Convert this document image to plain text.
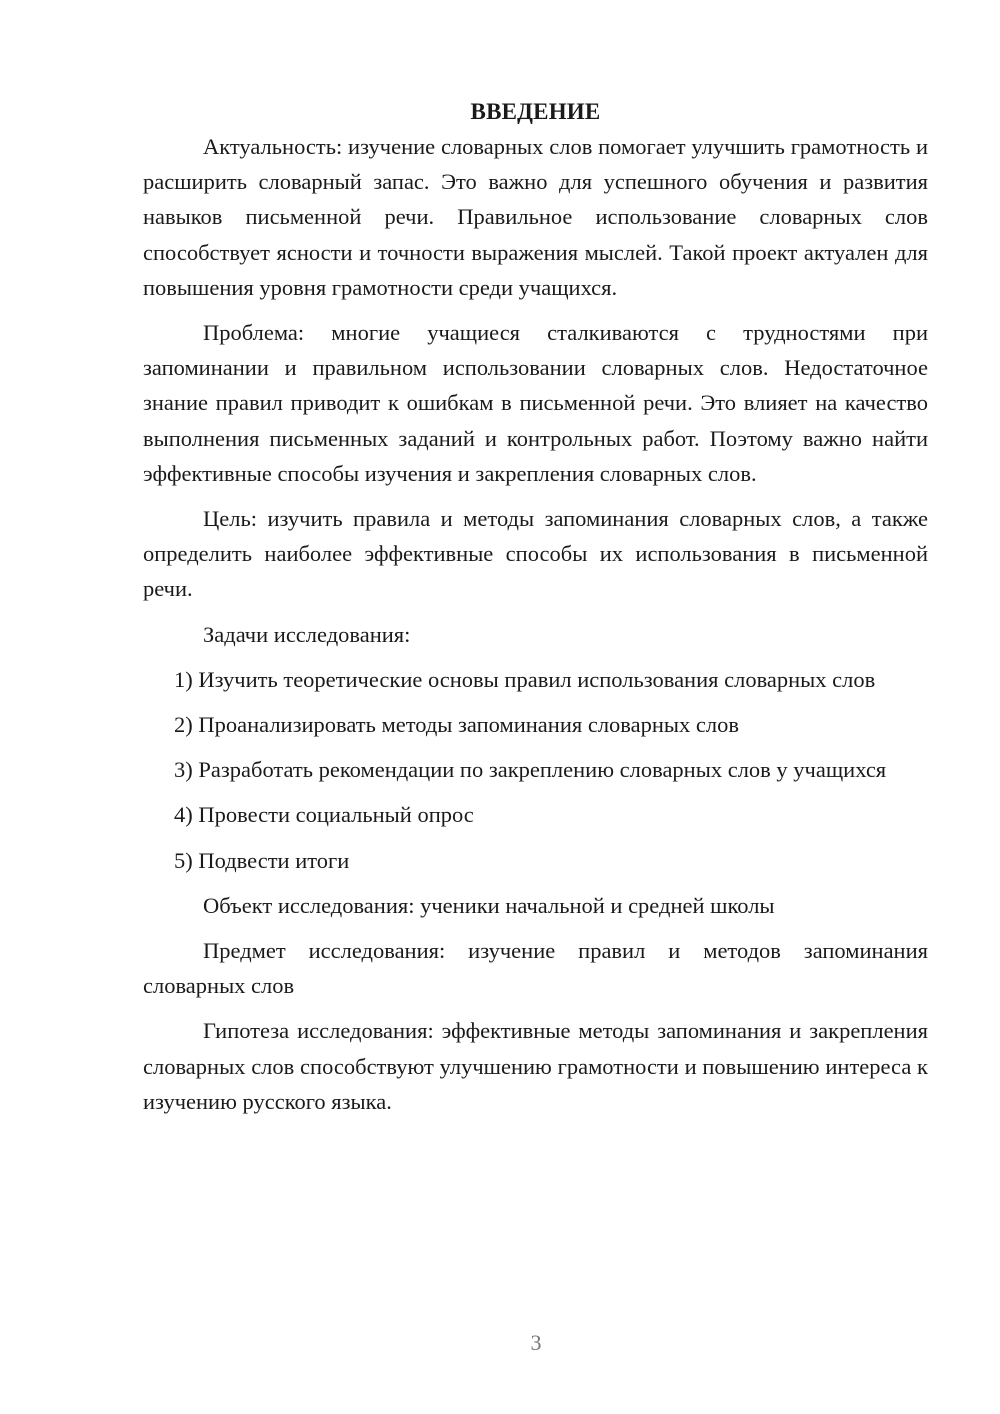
ВВЕДЕНИЕ

Актуальность: изучение словарных слов помогает улучшить грамотность и расширить словарный запас. Это важно для успешного обучения и развития навыков письменной речи. Правильное использование словарных слов способствует ясности и точности выражения мыслей. Такой проект актуален для повышения уровня грамотности среди учащихся.

Проблема: многие учащиеся сталкиваются с трудностями при запоминании и правильном использовании словарных слов. Недостаточное знание правил приводит к ошибкам в письменной речи. Это влияет на качество выполнения письменных заданий и контрольных работ. Поэтому важно найти эффективные способы изучения и закрепления словарных слов.

Цель: изучить правила и методы запоминания словарных слов, а также определить наиболее эффективные способы их использования в письменной речи.

Задачи исследования:

1) Изучить теоретические основы правил использования словарных слов

2) Проанализировать методы запоминания словарных слов

3) Разработать рекомендации по закреплению словарных слов у учащихся

4) Провести социальный опрос

5) Подвести итоги

Объект исследования: ученики начальной и средней школы

Предмет исследования: изучение правил и методов запоминания словарных слов

Гипотеза исследования: эффективные методы запоминания и закрепления словарных слов способствуют улучшению грамотности и повышению интереса к изучению русского языка.

3
